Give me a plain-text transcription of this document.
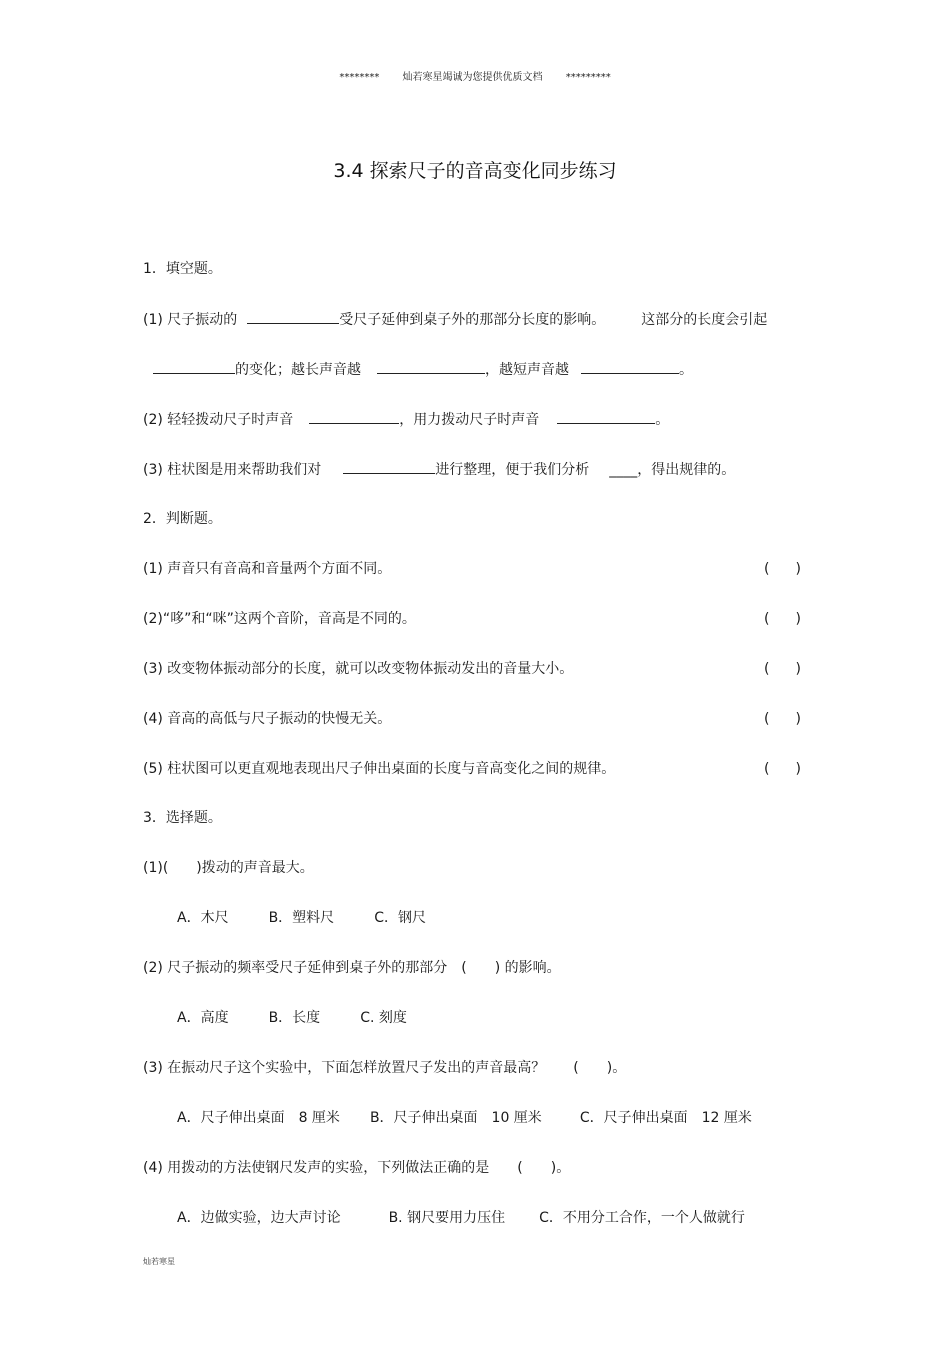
******** 灿若寒星竭诚为您提供优质文档 *********
3.4 探索尺子的音高变化同步练习
1．填空题。
(1) 尺子振动的	受尺子延伸到桌子外的那部分长度的影响。	这部分的长度会引起
的变化；越长声音越	，越短声音越	。
(2) 轻轻拨动尺子时声音	，用力拨动尺子时声音	。
(3) 柱状图是用来帮助我们对	进行整理，便于我们分析 ____，得出规律的。
2．判断题。
(1) 声音只有音高和音量两个方面不同。	( )
(2)“哆”和“咪”这两个音阶，音高是不同的。	( )
(3) 改变物体振动部分的长度，就可以改变物体振动发出的音量大小。	( )
(4) 音高的高低与尺子振动的快慢无关。	( )
(5) 柱状图可以更直观地表现出尺子伸出桌面的长度与音高变化之间的规律。	( )
3．选择题。
(1)(　　)拨动的声音最大。
A．木尺	B．塑料尺	C．钢尺
(2) 尺子振动的频率受尺子延伸到桌子外的那部分　(　　) 的影响。
A．高度	B．长度	C. 刻度
(3) 在振动尺子这个实验中，下面怎样放置尺子发出的声音最高？　　(　　)。
A．尺子伸出桌面　8 厘米 B．尺子伸出桌面　10 厘米	C．尺子伸出桌面　12 厘米
(4) 用拨动的方法使钢尺发声的实验，下列做法正确的是　　(　　)。
A．边做实验，边大声讨论	B. 钢尺要用力压住 C．不用分工合作，一个人做就行
灿若寒星
